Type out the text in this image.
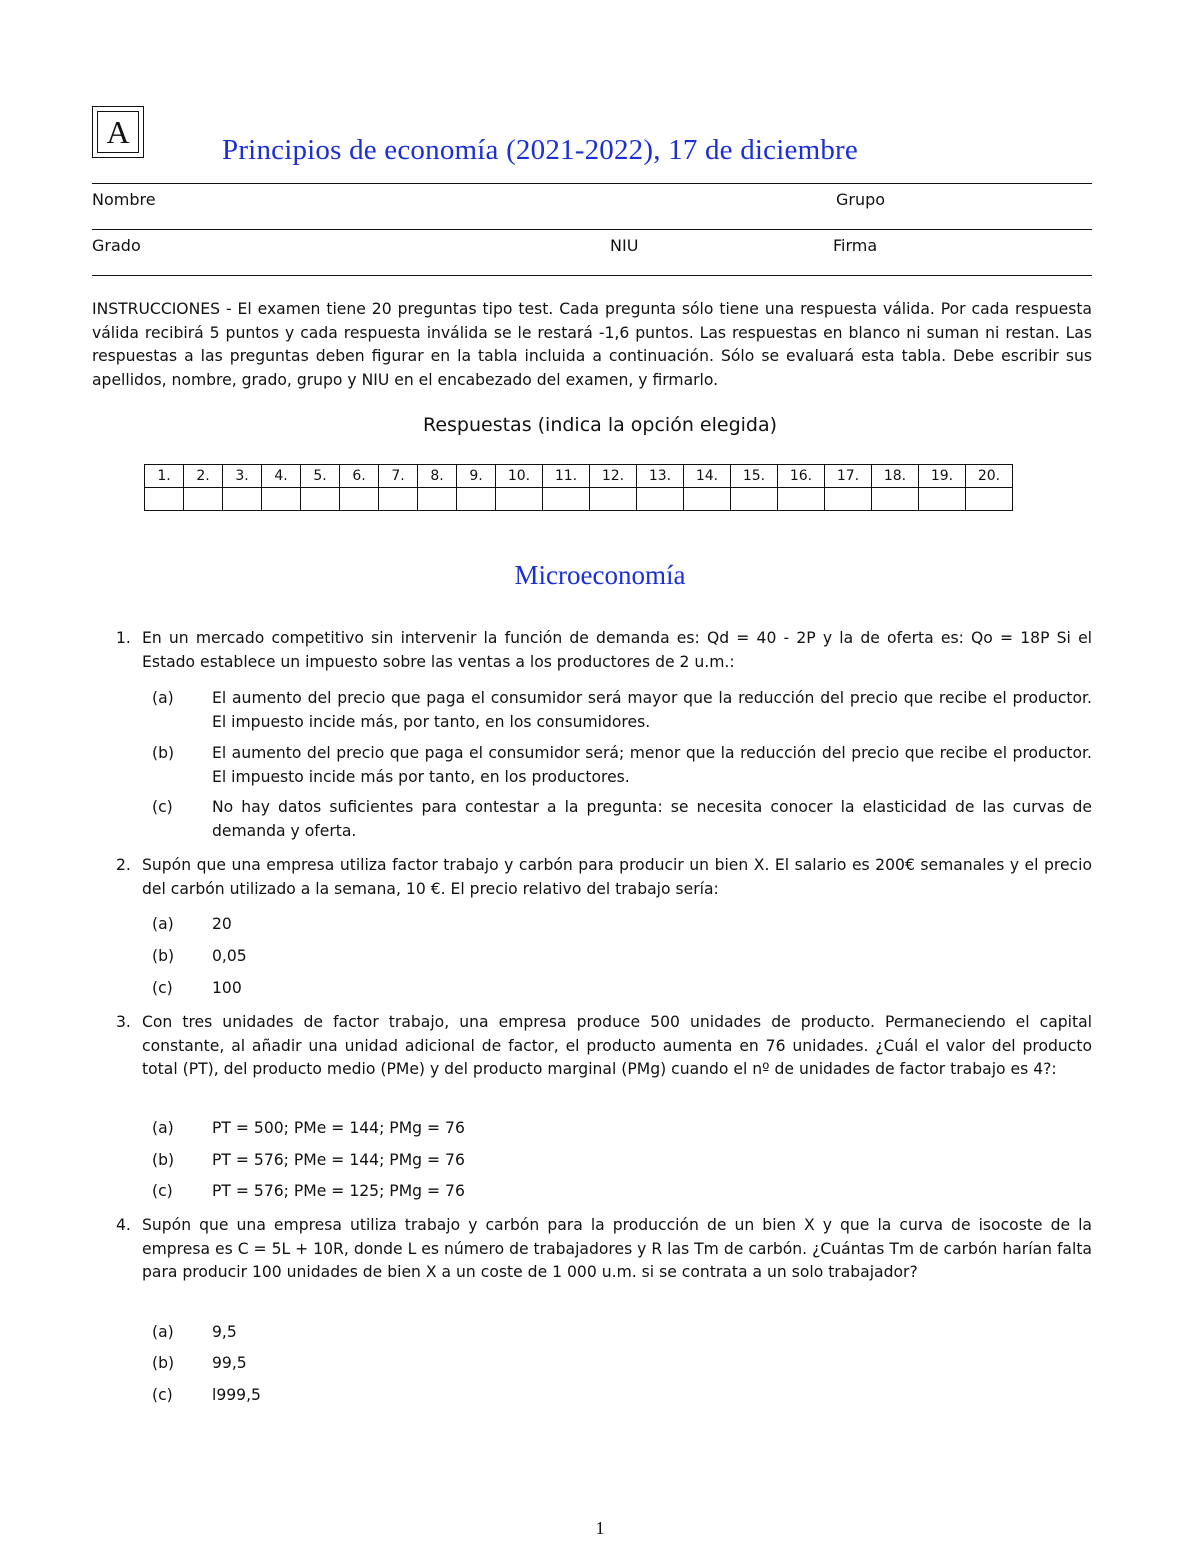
A
Principios de economía (2021-2022), 17 de diciembre
Nombre	Grupo
Grado	NIU	Firma
INSTRUCCIONES - El examen tiene 20 preguntas tipo test. Cada pregunta sólo tiene una respuesta válida. Por cada respuesta válida recibirá 5 puntos y cada respuesta inválida se le restará -1,6 puntos. Las respuestas en blanco ni suman ni restan. Las respuestas a las preguntas deben figurar en la tabla incluida a continuación. Sólo se evaluará esta tabla. Debe escribir sus apellidos, nombre, grado, grupo y NIU en el encabezado del examen, y firmarlo.
Respuestas (indica la opción elegida)
1.	2.	3.	4.	5.	6.	7.	8.	9.	10.	11.	12.	13.	14.	15.	16.	17.	18.	19.	20.

Microeconomía
1. En un mercado competitivo sin intervenir la función de demanda es: Qd = 40 - 2P y la de oferta es: Qo = 18P Si el Estado establece un impuesto sobre las ventas a los productores de 2 u.m.:
(a) El aumento del precio que paga el consumidor será mayor que la reducción del precio que recibe el productor. El impuesto incide más, por tanto, en los consumidores.
(b) El aumento del precio que paga el consumidor será; menor que la reducción del precio que recibe el productor. El impuesto incide más por tanto, en los productores.
(c)	No hay datos suficientes para contestar a la pregunta: se necesita conocer la elasticidad de las curvas de demanda y oferta.
2. Supón que una empresa utiliza factor trabajo y carbón para producir un bien X. El salario es 200€ semanales y el precio del carbón utilizado a la semana, 10 €. El precio relativo del trabajo sería:
(a) 20
(b) 0,05
(c)	100
3. Con tres unidades de factor trabajo, una empresa produce 500 unidades de producto. Permaneciendo el capital constante, al añadir una unidad adicional de factor, el producto aumenta en 76 unidades. ¿Cuál el valor del producto total (PT), del producto medio (PMe) y del producto marginal (PMg) cuando el nº de unidades de factor trabajo es 4?:
(a) PT = 500; PMe = 144; PMg = 76
(b) PT = 576; PMe = 144; PMg = 76
(c)	PT = 576; PMe = 125; PMg = 76
4. Supón que una empresa utiliza trabajo y carbón para la producción de un bien X y que la curva de isocoste de la empresa es C = 5L + 10R, donde L es número de trabajadores y R las Tm de carbón. ¿Cuántas Tm de carbón harían falta para producir 100 unidades de bien X a un coste de 1 000 u.m. si se contrata a un solo trabajador?
(a) 9,5
(b) 99,5
(c)	l999,5
1
